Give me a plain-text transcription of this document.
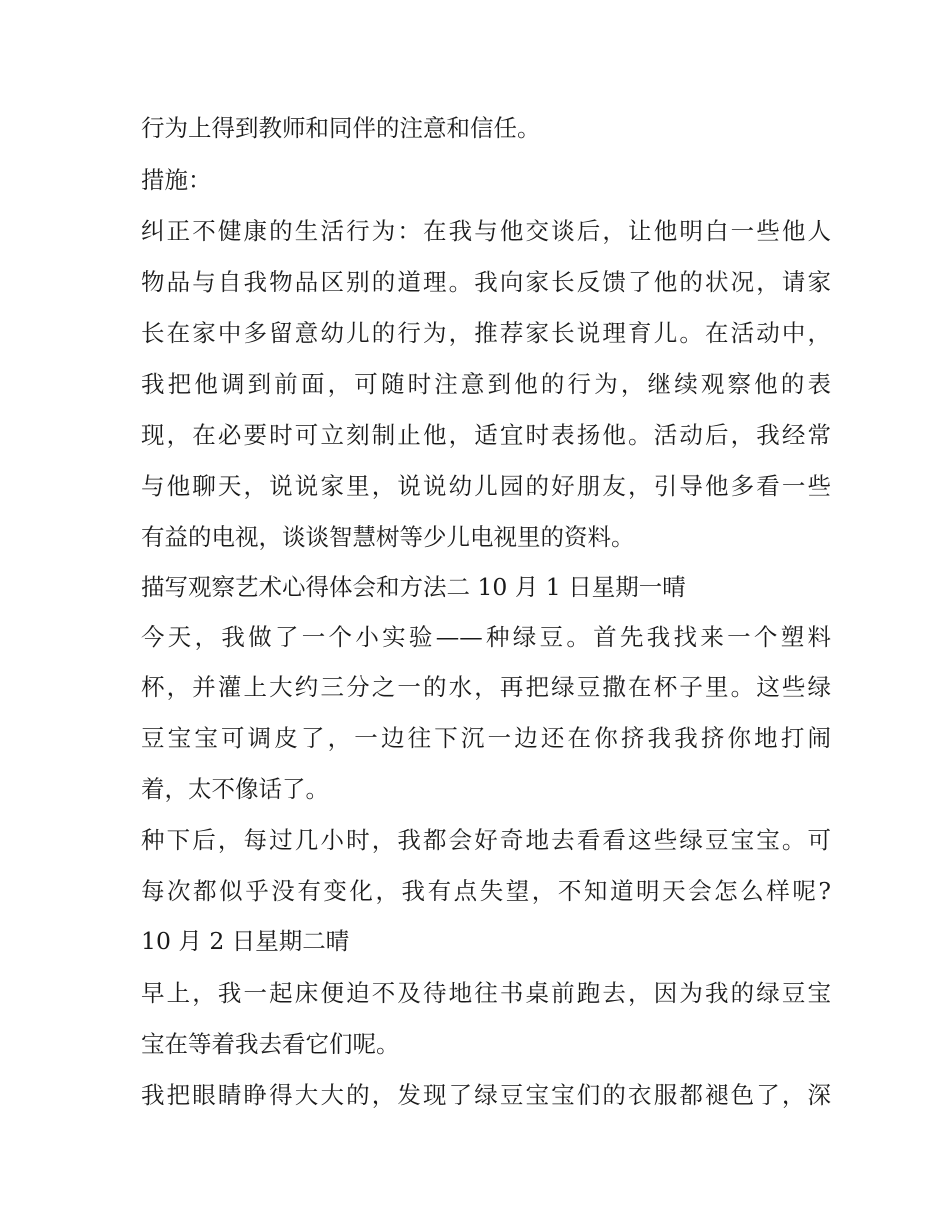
行为上得到教师和同伴的注意和信任。
措施：
纠正不健康的生活行为：在我与他交谈后，让他明白一些他人
物品与自我物品区别的道理。我向家长反馈了他的状况，请家
长在家中多留意幼儿的行为，推荐家长说理育儿。在活动中，
我把他调到前面，可随时注意到他的行为，继续观察他的表
现，在必要时可立刻制止他，适宜时表扬他。活动后，我经常
与他聊天，说说家里，说说幼儿园的好朋友，引导他多看一些
有益的电视，谈谈智慧树等少儿电视里的资料。
描写观察艺术心得体会和方法二 10 月 1 日星期一晴
今天，我做了一个小实验——种绿豆。首先我找来一个塑料
杯，并灌上大约三分之一的水，再把绿豆撒在杯子里。这些绿
豆宝宝可调皮了，一边往下沉一边还在你挤我我挤你地打闹
着，太不像话了。
种下后，每过几小时，我都会好奇地去看看这些绿豆宝宝。可
每次都似乎没有变化，我有点失望，不知道明天会怎么样呢?
10 月 2 日星期二晴
早上，我一起床便迫不及待地往书桌前跑去，因为我的绿豆宝
宝在等着我去看它们呢。
我把眼睛睁得大大的，发现了绿豆宝宝们的衣服都褪色了，深
